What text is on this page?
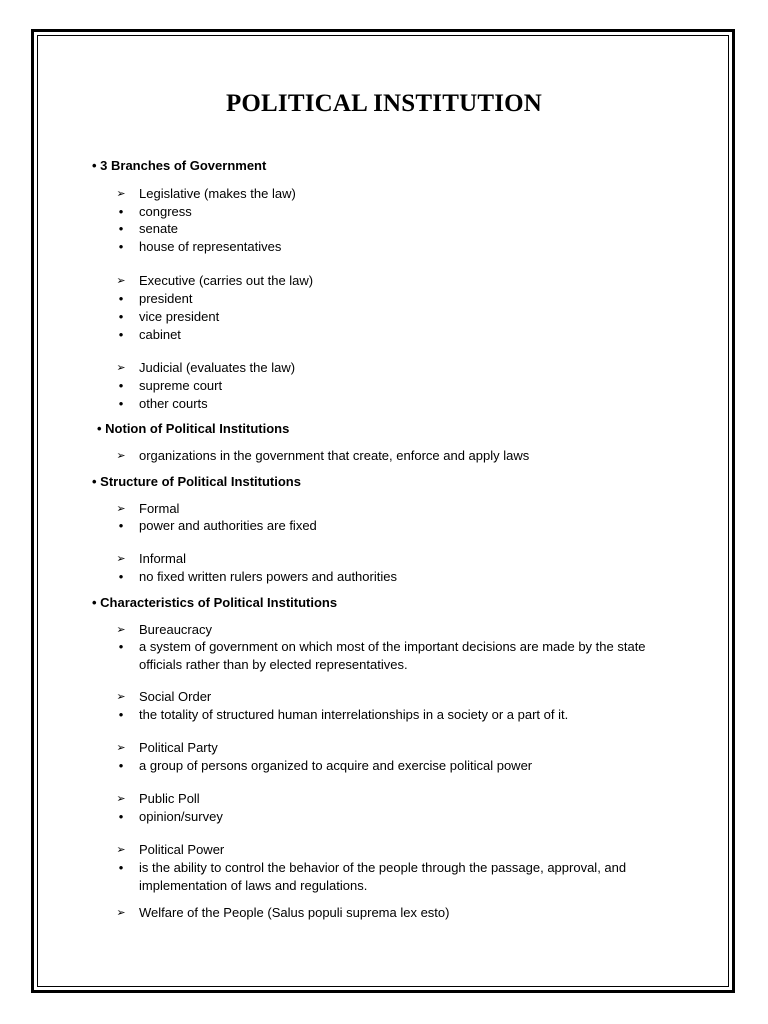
POLITICAL INSTITUTION
• 3 Branches of Government
➢ Legislative (makes the law)
•	congress
•	senate
•	house of representatives
➢ Executive (carries out the law)
•	president
•	vice president
•	cabinet
➢ Judicial (evaluates the law)
•	supreme court
•	other courts
• Notion of Political Institutions
➢ organizations in the government that create, enforce and apply laws
• Structure of Political Institutions
➢ Formal
•	power and authorities are fixed
➢ Informal
•	no fixed written rulers powers and authorities
• Characteristics of Political Institutions
➢ Bureaucracy
•	a system of government on which most of the important decisions are made by the state officials rather than by elected representatives.
➢ Social Order
•	the totality of structured human interrelationships in a society or a part of it.
➢ Political Party
•	a group of persons organized to acquire and exercise political power
➢ Public Poll
•	opinion/survey
➢ Political Power
•	is the ability to control the behavior of the people through the passage, approval, and implementation of laws and regulations.
➢ Welfare of the People (Salus populi suprema lex esto)
